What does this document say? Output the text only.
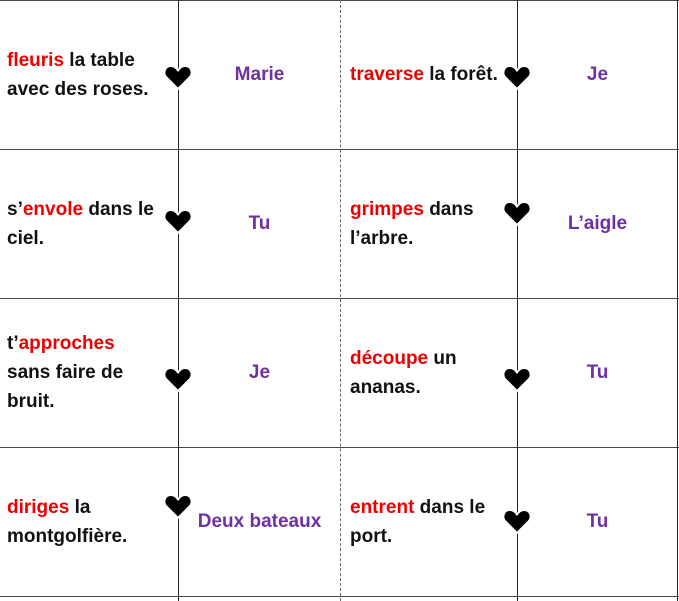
fleuris la table avec des roses.
Marie	traverse la forêt.	Je
s’envole dans le ciel.
Tu
grimpes dans l’arbre.
L’aigle
t’approches sans faire de bruit.
Je
découpe un ananas.
Tu
diriges la montgolfière.
Deux bateaux
entrent dans le port.
Tu
